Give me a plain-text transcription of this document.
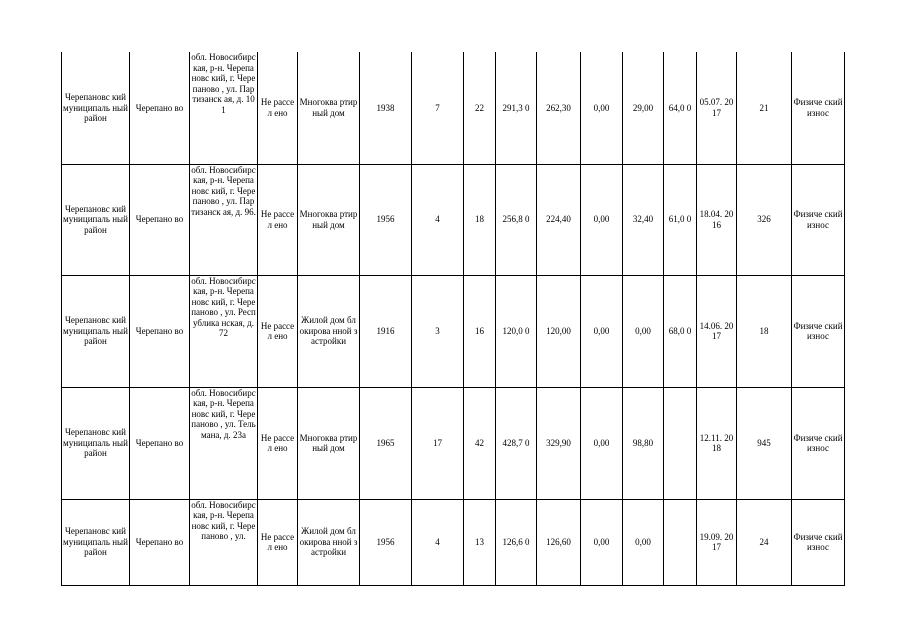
Черепановс кий муниципаль ный район	Черепано во	обл. Новосибирс кая, р-н. Черепановс кий, г. Черепаново , ул. Партизанск ая, д. 101	Не рассел ено	Многоква ртирный дом	1938	7	22	291,3 0	262,30	0,00	29,00	64,0 0	05.07. 2017	21	Физиче ский износ
Черепановс кий муниципаль ный район	Черепано во	обл. Новосибирс кая, р-н. Черепановс кий, г. Черепаново , ул. Партизанск ая, д. 96.	Не рассел ено	Многоква ртирный дом	1956	4	18	256,8 0	224,40	0,00	32,40	61,0 0	18.04. 2016	326	Физиче ский износ
Черепановс кий муниципаль ный район	Черепано во	обл. Новосибирс кая, р-н. Черепановс кий, г. Черепаново , ул. Республика нская, д. 72	Не рассел ено	Жилой дом блокирова нной застройки	1916	3	16	120,0 0	120,00	0,00	0,00	68,0 0	14.06. 2017	18	Физиче ский износ
Черепановс кий муниципаль ный район	Черепано во	обл. Новосибирс кая, р-н. Черепановс кий, г. Черепаново , ул. Тельмана, д. 23а	Не рассел ено	Многоква ртирный дом	1965	17	42	428,7 0	329,90	0,00	98,80		12.11. 2018	945	Физиче ский износ
Черепановс кий муниципаль ный район	Черепано во	обл. Новосибирс кая, р-н. Черепановс кий, г. Черепаново , ул.	Не рассел ено	Жилой дом блокирова нной застройки	1956	4	13	126,6 0	126,60	0,00	0,00		19.09. 2017	24	Физиче ский износ
